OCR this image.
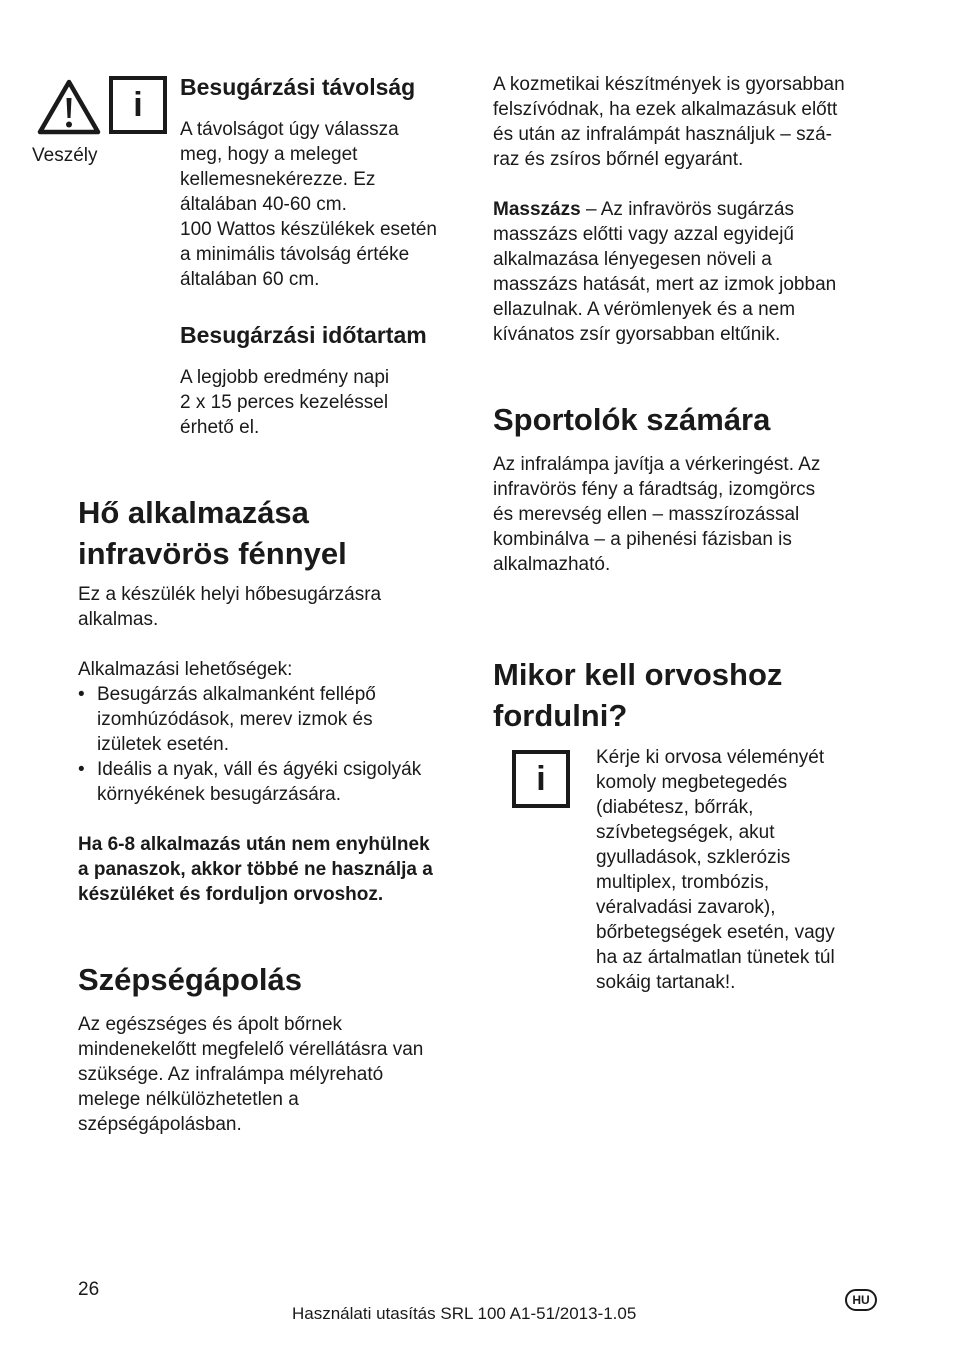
Veszély
i	Besugárzási távolság
A távolságot úgy válassza
meg, hogy a meleget
kellemesnekérezze. Ez
általában 40-60 cm.
100 Wattos készülékek esetén
a minimális távolság értéke
általában 60 cm.
Besugárzási időtartam
A legjobb eredmény napi
2 x 15 perces kezeléssel
érhető el.
Hő alkalmazása
infravörös fénnyel
Ez a készülék helyi hőbesugárzásra
alkalmas.
Alkalmazási lehetőségek:
• Besugárzás alkalmanként fellépő
izomhúzódások, merev izmok és
izületek esetén.
• Ideális a nyak, váll és ágyéki csigolyák
környékének besugárzására.
Ha 6-8 alkalmazás után nem enyhülnek
a panaszok, akkor többé ne használja a
készüléket és forduljon orvoshoz.
Szépségápolás
Az egészséges és ápolt bőrnek
mindenekelőtt megfelelő vérellátásra van
szüksége. Az infralámpa mélyreható
melege nélkülözhetetlen a
szépségápolásban.
A kozmetikai készítmények is gyorsabban
felszívódnak, ha ezek alkalmazásuk előtt
és után az infralámpát használjuk – szá-
raz és zsíros bőrnél egyaránt.
Masszázs – Az infravörös sugárzás
masszázs előtti vagy azzal egyidejű
alkalmazása lényegesen növeli a
masszázs hatását, mert az izmok jobban
ellazulnak. A vérömlenyek és a nem
kívánatos zsír gyorsabban eltűnik.
Sportolók számára
Az infralámpa javítja a vérkeringést. Az
infravörös fény a fáradtság, izomgörcs
és merevség ellen – masszírozással
kombinálva – a pihenési fázisban is
alkalmazható.
Mikor kell orvoshoz
fordulni?
i
Kérje ki orvosa véleményét
komoly megbetegedés
(diabétesz, bőrrák,
szívbetegségek, akut
gyulladások, szklerózis
multiplex, trombózis,
véralvadási zavarok),
bőrbetegségek esetén, vagy
ha az ártalmatlan tünetek túl
sokáig tartanak!.
26
Használati utasítás SRL 100 A1-51/2013-1.05
HU
